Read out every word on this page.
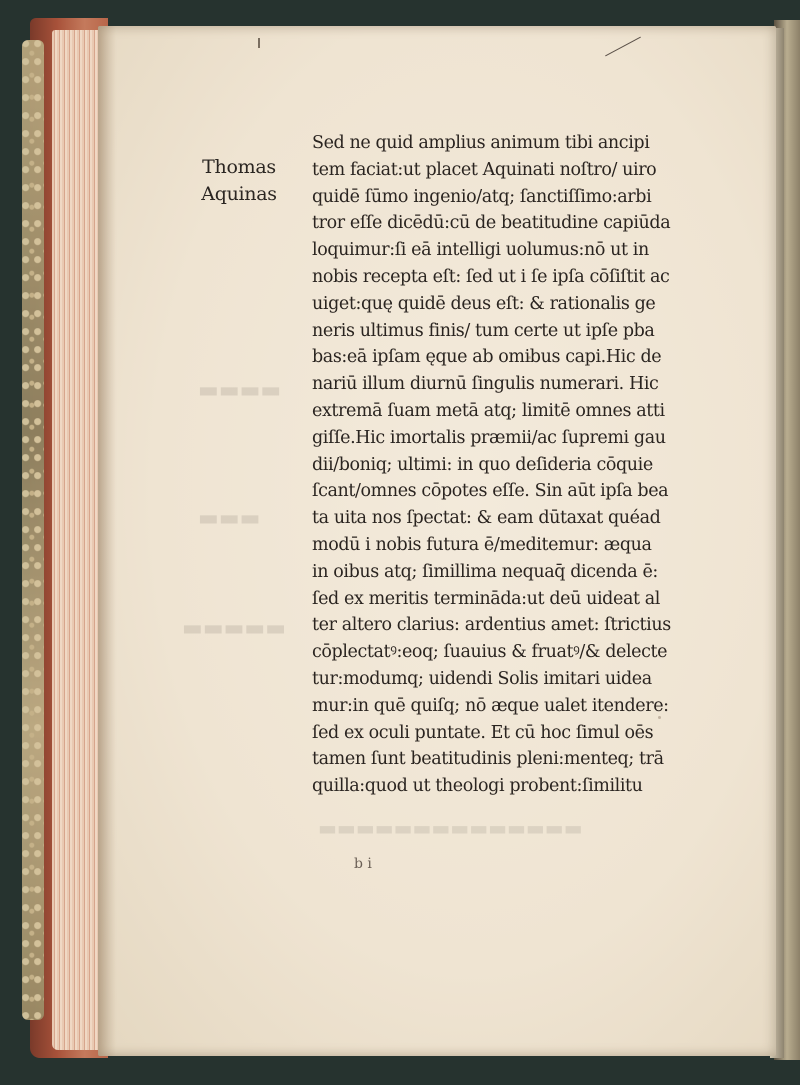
▬▬▬▬
▬▬▬
▬▬▬▬▬
▬▬▬▬▬▬▬▬▬▬▬▬▬▬
Thomas
Aquinas
Sed ne quid amplius animum tibi ancipi
tem faciat:ut placet Aquinati noſtro/ uiro
quidē ſūmo ingenio/atq; ſanctiſſimo:arbi
tror eſſe dicēdū:cū de beatitudine capiūda
loquimur:ſi eā intelligi uolumus:nō ut in
nobis recepta eſt: ſed ut i ſe ipſa cōſiſtit ac
uiget:quę quidē deus eſt: & rationalis ge
neris ultimus finis/ tum certe ut ipſe pba
bas:eā ipſam ęque ab omibus capi.Hic de
nariū illum diurnū ſingulis numerari. Hic
extremā ſuam metā atq; limitē omnes atti
giſſe.Hic imortalis præmii/ac ſupremi gau
dii/boniq; ultimi: in quo deſideria cōquie
ſcant/omnes cōpotes eſſe. Sin aūt ipſa bea
ta uita nos ſpectat: & eam dūtaxat quéad
modū i nobis futura ē/meditemur: æqua
in oibus atq; ſimillima nequaq̄ dicenda ē:
ſed ex meritis termināda:ut deū uideat al
ter altero clarius: ardentius amet: ſtrictius
cōplectatꝰ:eoq; ſuauius & fruatꝰ/& delecte
tur:modumq; uidendi Solis imitari uidea
mur:in quē quiſq; nō æque ualet itendere:
ſed ex oculi puntate. Et cū hoc ſimul oēs
tamen ſunt beatitudinis pleni:menteq; trā
quilla:quod ut theologi probent:ſimilitu
b i
